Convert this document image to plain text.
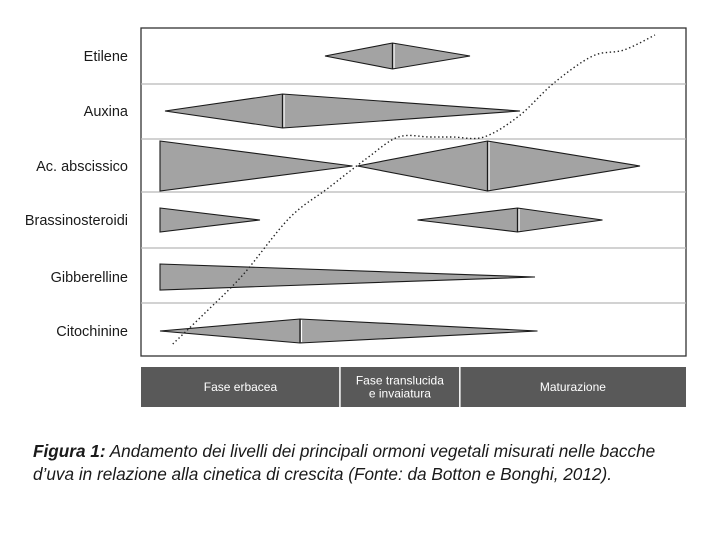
Etilene
Auxina
Ac. abscissico
Brassinosteroidi
Gibberelline
Citochinine
Fase erbacea	Fase translucida
e invaiatura	Maturazione
Figura 1: Andamento dei livelli dei principali ormoni vegetali misurati nelle bacche d’uva in relazione alla cinetica di crescita (Fonte: da Botton e Bonghi, 2012).
